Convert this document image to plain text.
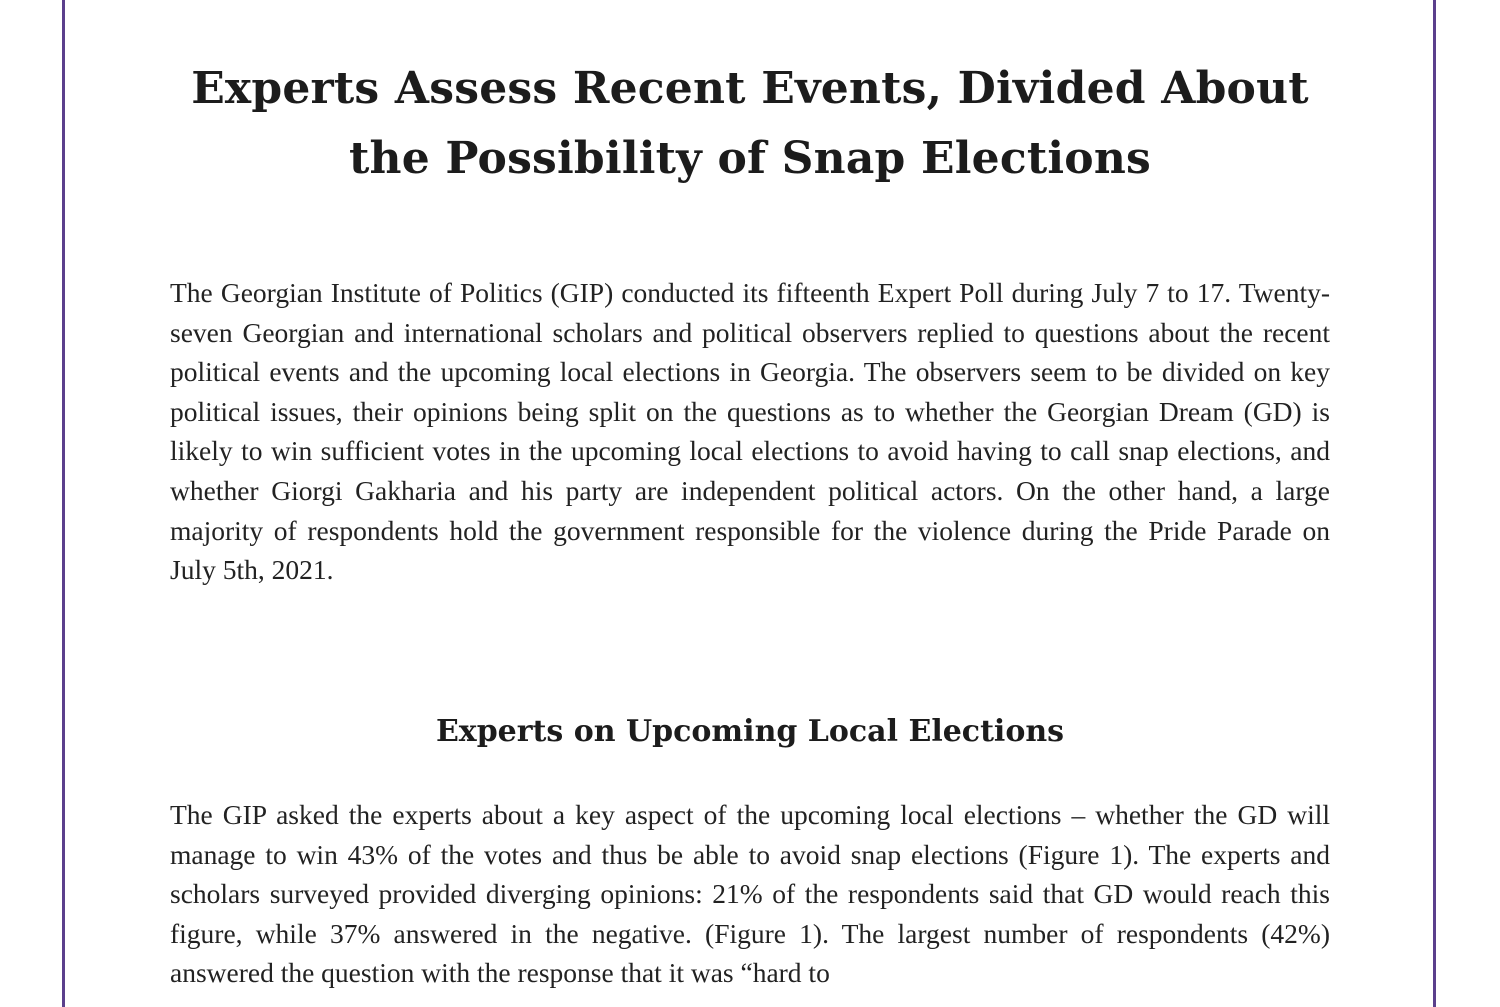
Experts Assess Recent Events, Divided About the Possibility of Snap Elections

The Georgian Institute of Politics (GIP) conducted its fifteenth Expert Poll during July 7 to 17. Twenty-seven Georgian and international scholars and political observers replied to questions about the recent political events and the upcoming local elections in Georgia. The observers seem to be divided on key political issues, their opinions being split on the questions as to whether the Georgian Dream (GD) is likely to win sufficient votes in the upcoming local elections to avoid having to call snap elections, and whether Giorgi Gakharia and his party are independent political actors. On the other hand, a large majority of respondents hold the government responsible for the violence during the Pride Parade on July 5th, 2021.

Experts on Upcoming Local Elections

The GIP asked the experts about a key aspect of the upcoming local elections – whether the GD will manage to win 43% of the votes and thus be able to avoid snap elections (Figure 1). The experts and scholars surveyed provided diverging opinions: 21% of the respondents said that GD would reach this figure, while 37% answered in the negative. (Figure 1). The largest number of respondents (42%) answered the question with the response that it was “hard to
